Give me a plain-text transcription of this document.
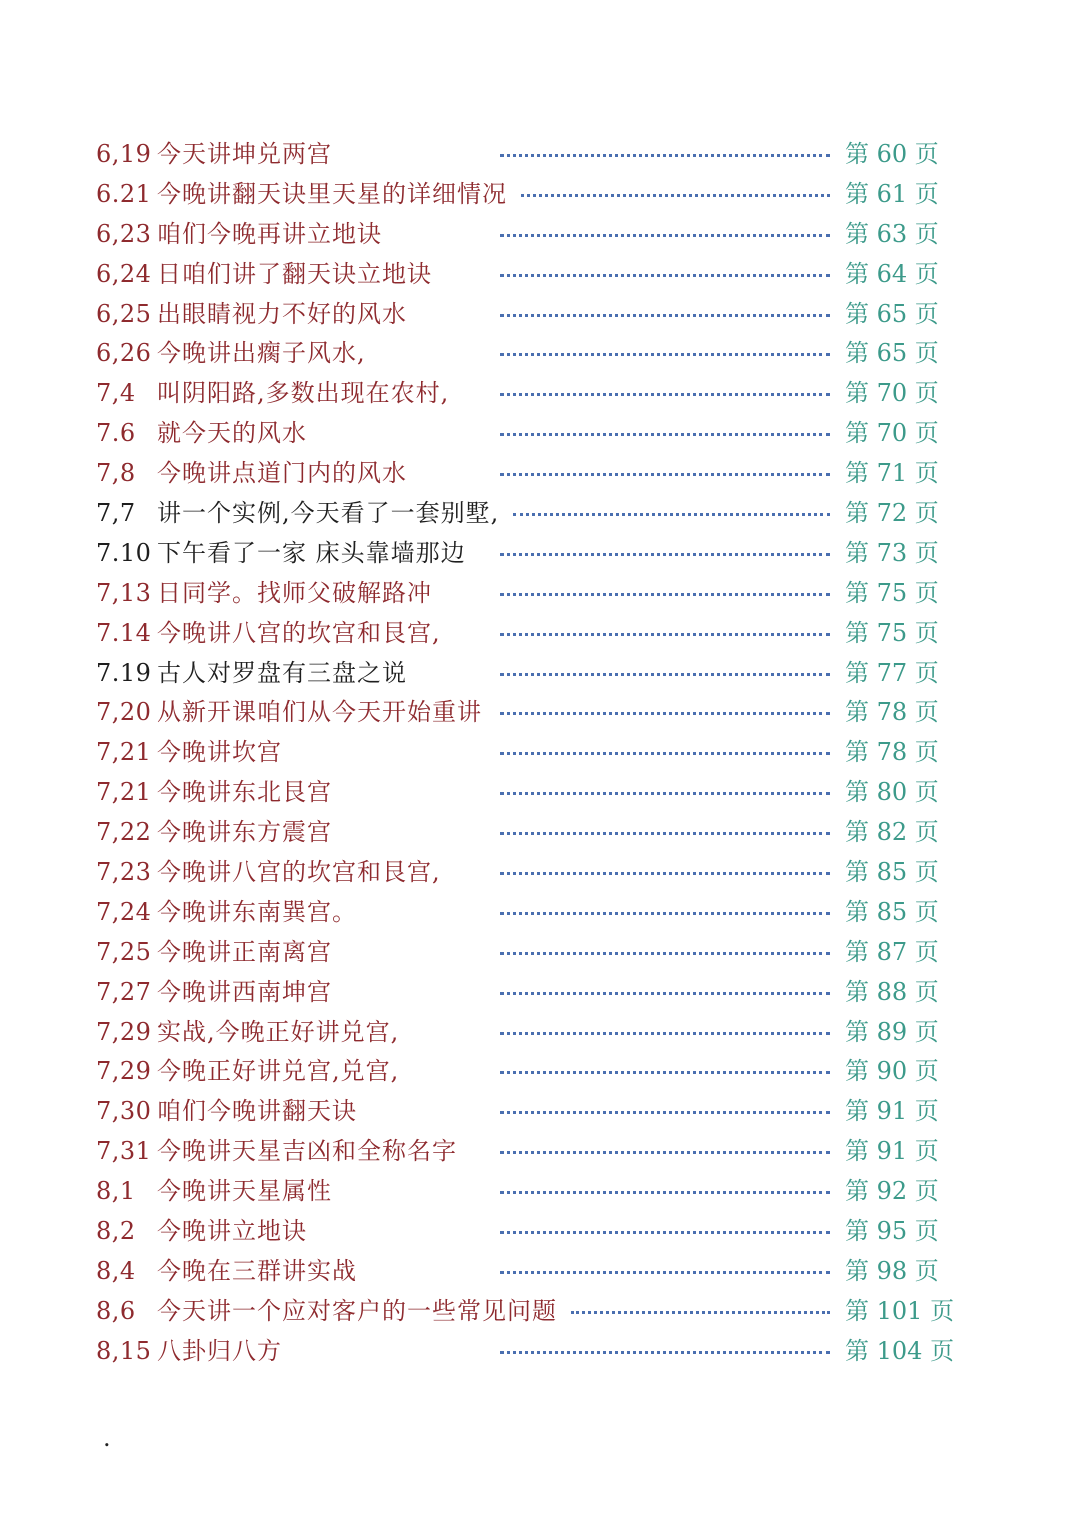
6,19 今天讲坤兑两宫	第 60 页
6.21 今晚讲翻天诀里天星的详细情况	第 61 页
6,23 咱们今晚再讲立地诀	第 63 页
6,24 日咱们讲了翻天诀立地诀	第 64 页
6,25 出眼睛视力不好的风水	第 65 页
6,26 今晚讲出瘸子风水,	第 65 页
7,4 叫阴阳路,多数出现在农村,	第 70 页
7.6 就今天的风水	第 70 页
7,8 今晚讲点道门内的风水	第 71 页
7,7 讲一个实例,今天看了一套别墅,	第 72 页
7.10 下午看了一家 床头靠墙那边	第 73 页
7,13 日同学。找师父破解路冲	第 75 页
7.14 今晚讲八宫的坎宫和艮宫,	第 75 页
7.19 古人对罗盘有三盘之说	第 77 页
7,20 从新开课咱们从今天开始重讲	第 78 页
7,21 今晚讲坎宫	第 78 页
7,21 今晚讲东北艮宫	第 80 页
7,22 今晚讲东方震宫	第 82 页
7,23 今晚讲八宫的坎宫和艮宫,	第 85 页
7,24 今晚讲东南巽宫。	第 85 页
7,25 今晚讲正南离宫	第 87 页
7,27 今晚讲西南坤宫	第 88 页
7,29 实战,今晚正好讲兑宫,	第 89 页
7,29 今晚正好讲兑宫,兑宫,	第 90 页
7,30 咱们今晚讲翻天诀	第 91 页
7,31 今晚讲天星吉凶和全称名字	第 91 页
8,1 今晚讲天星属性	第 92 页
8,2 今晚讲立地诀	第 95 页
8,4 今晚在三群讲实战	第 98 页
8,6 今天讲一个应对客户的一些常见问题	第 101 页
8,15 八卦归八方	第 104 页
.
